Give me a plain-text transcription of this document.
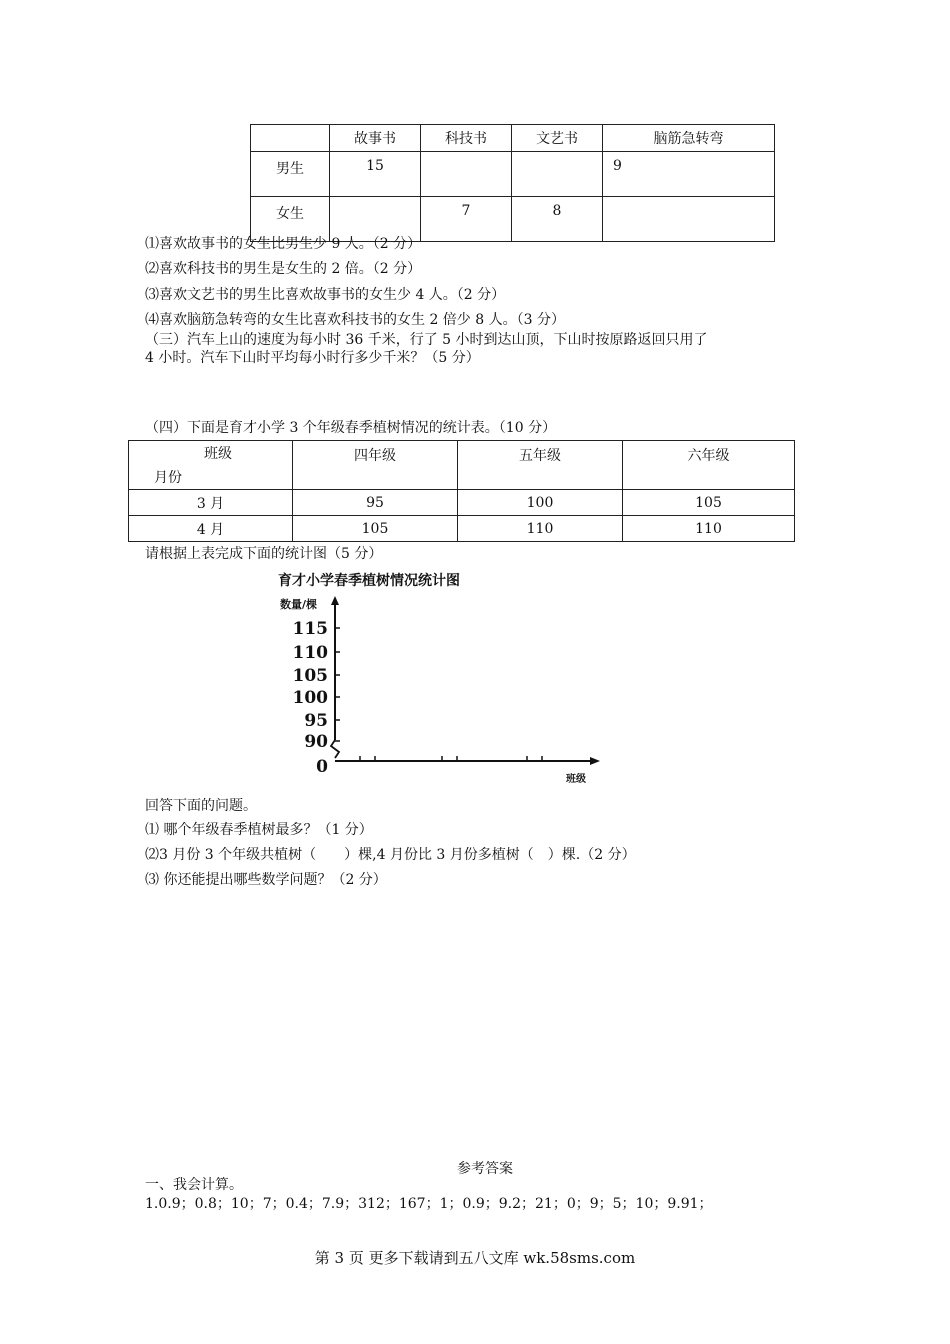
	故事书	科技书	文艺书	脑筋急转弯
男生	15			9
女生		7	8	
⑴喜欢故事书的女生比男生少 9 人。（2 分）
⑵喜欢科技书的男生是女生的 2 倍。（2 分）
⑶喜欢文艺书的男生比喜欢故事书的女生少 4 人。（2 分）
⑷喜欢脑筋急转弯的女生比喜欢科技书的女生 2 倍少 8 人。（3 分）
（三）汽车上山的速度为每小时 36 千米，行了 5 小时到达山顶，下山时按原路返回只用了
4 小时。汽车下山时平均每小时行多少千米？（5 分）
（四）下面是育才小学 3 个年级春季植树情况的统计表。（10 分）
班级
月份	四年级	五年级	六年级
3 月	95	100	105
4 月	105	110	110
请根据上表完成下面的统计图（5 分）
育才小学春季植树情况统计图
数量/棵
班级
115
110
105
100
95
90
0
回答下面的问题。
⑴ 哪个年级春季植树最多？（1 分）
⑵3 月份 3 个年级共植树（　　）棵,4 月份比 3 月份多植树（　）棵.（2 分）
⑶ 你还能提出哪些数学问题？（2 分）
参考答案
一、我会计算。
1.0.9；0.8；10；7；0.4；7.9；312；167；1；0.9；9.2；21；0；9；5；10；9.91；
第 3 页 更多下载请到五八文库 wk.58sms.com
